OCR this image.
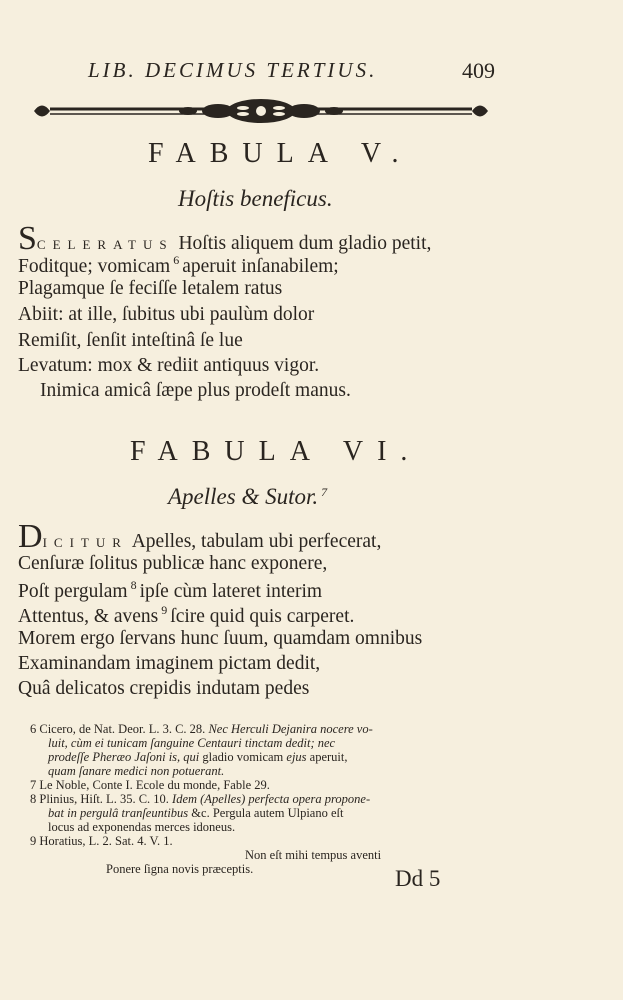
LIB. DECIMUS TERTIUS.	409
FABULA V.
Hoſtis beneficus.
SCELERATUS Hoſtis aliquem dum gladio petit,
Foditque; vomicam $^6$ aperuit inſanabilem;
Plagamque ſe feciſſe letalem ratus
Abiit: at ille, ſubitus ubi paulùm dolor
Remiſit, ſenſit inteſtinâ ſe lue
Levatum: mox & rediit antiquus vigor.
Inimica amicâ ſæpe plus prodeſt manus.
FABULA VI.
Apelles & Sutor. $^7$
DICITUR Apelles, tabulam ubi perfecerat,
Cenſuræ ſolitus publicæ hanc exponere,
Poſt pergulam $^8$ ipſe cùm lateret interim
Attentus, & avens $^9$ ſcire quid quis carperet.
Morem ergo ſervans hunc ſuum, quamdam omnibus
Examinandam imaginem pictam dedit,
Quâ delicatos crepidis indutam pedes
6 Cicero, de Nat. Deor. L. 3. C. 28. Nec Herculi Dejanira nocere vo-
luit, cùm ei tunicam ſanguine Centauri tinctam dedit; nec
prodeſſe Pheræo Jaſoni is, qui gladio vomicam ejus aperuit,
quam ſanare medici non potuerant.
7 Le Noble, Conte I. Ecole du monde, Fable 29.
8 Plinius, Hiſt. L. 35. C. 10. Idem (Apelles) perfecta opera propone-
bat in pergulâ tranſeuntibus &c. Pergula autem Ulpiano eſt
locus ad exponendas merces idoneus.
9 Horatius, L. 2. Sat. 4. V. 1.
Non eſt mihi tempus aventi
Ponere ſigna novis præceptis.	Dd 5
